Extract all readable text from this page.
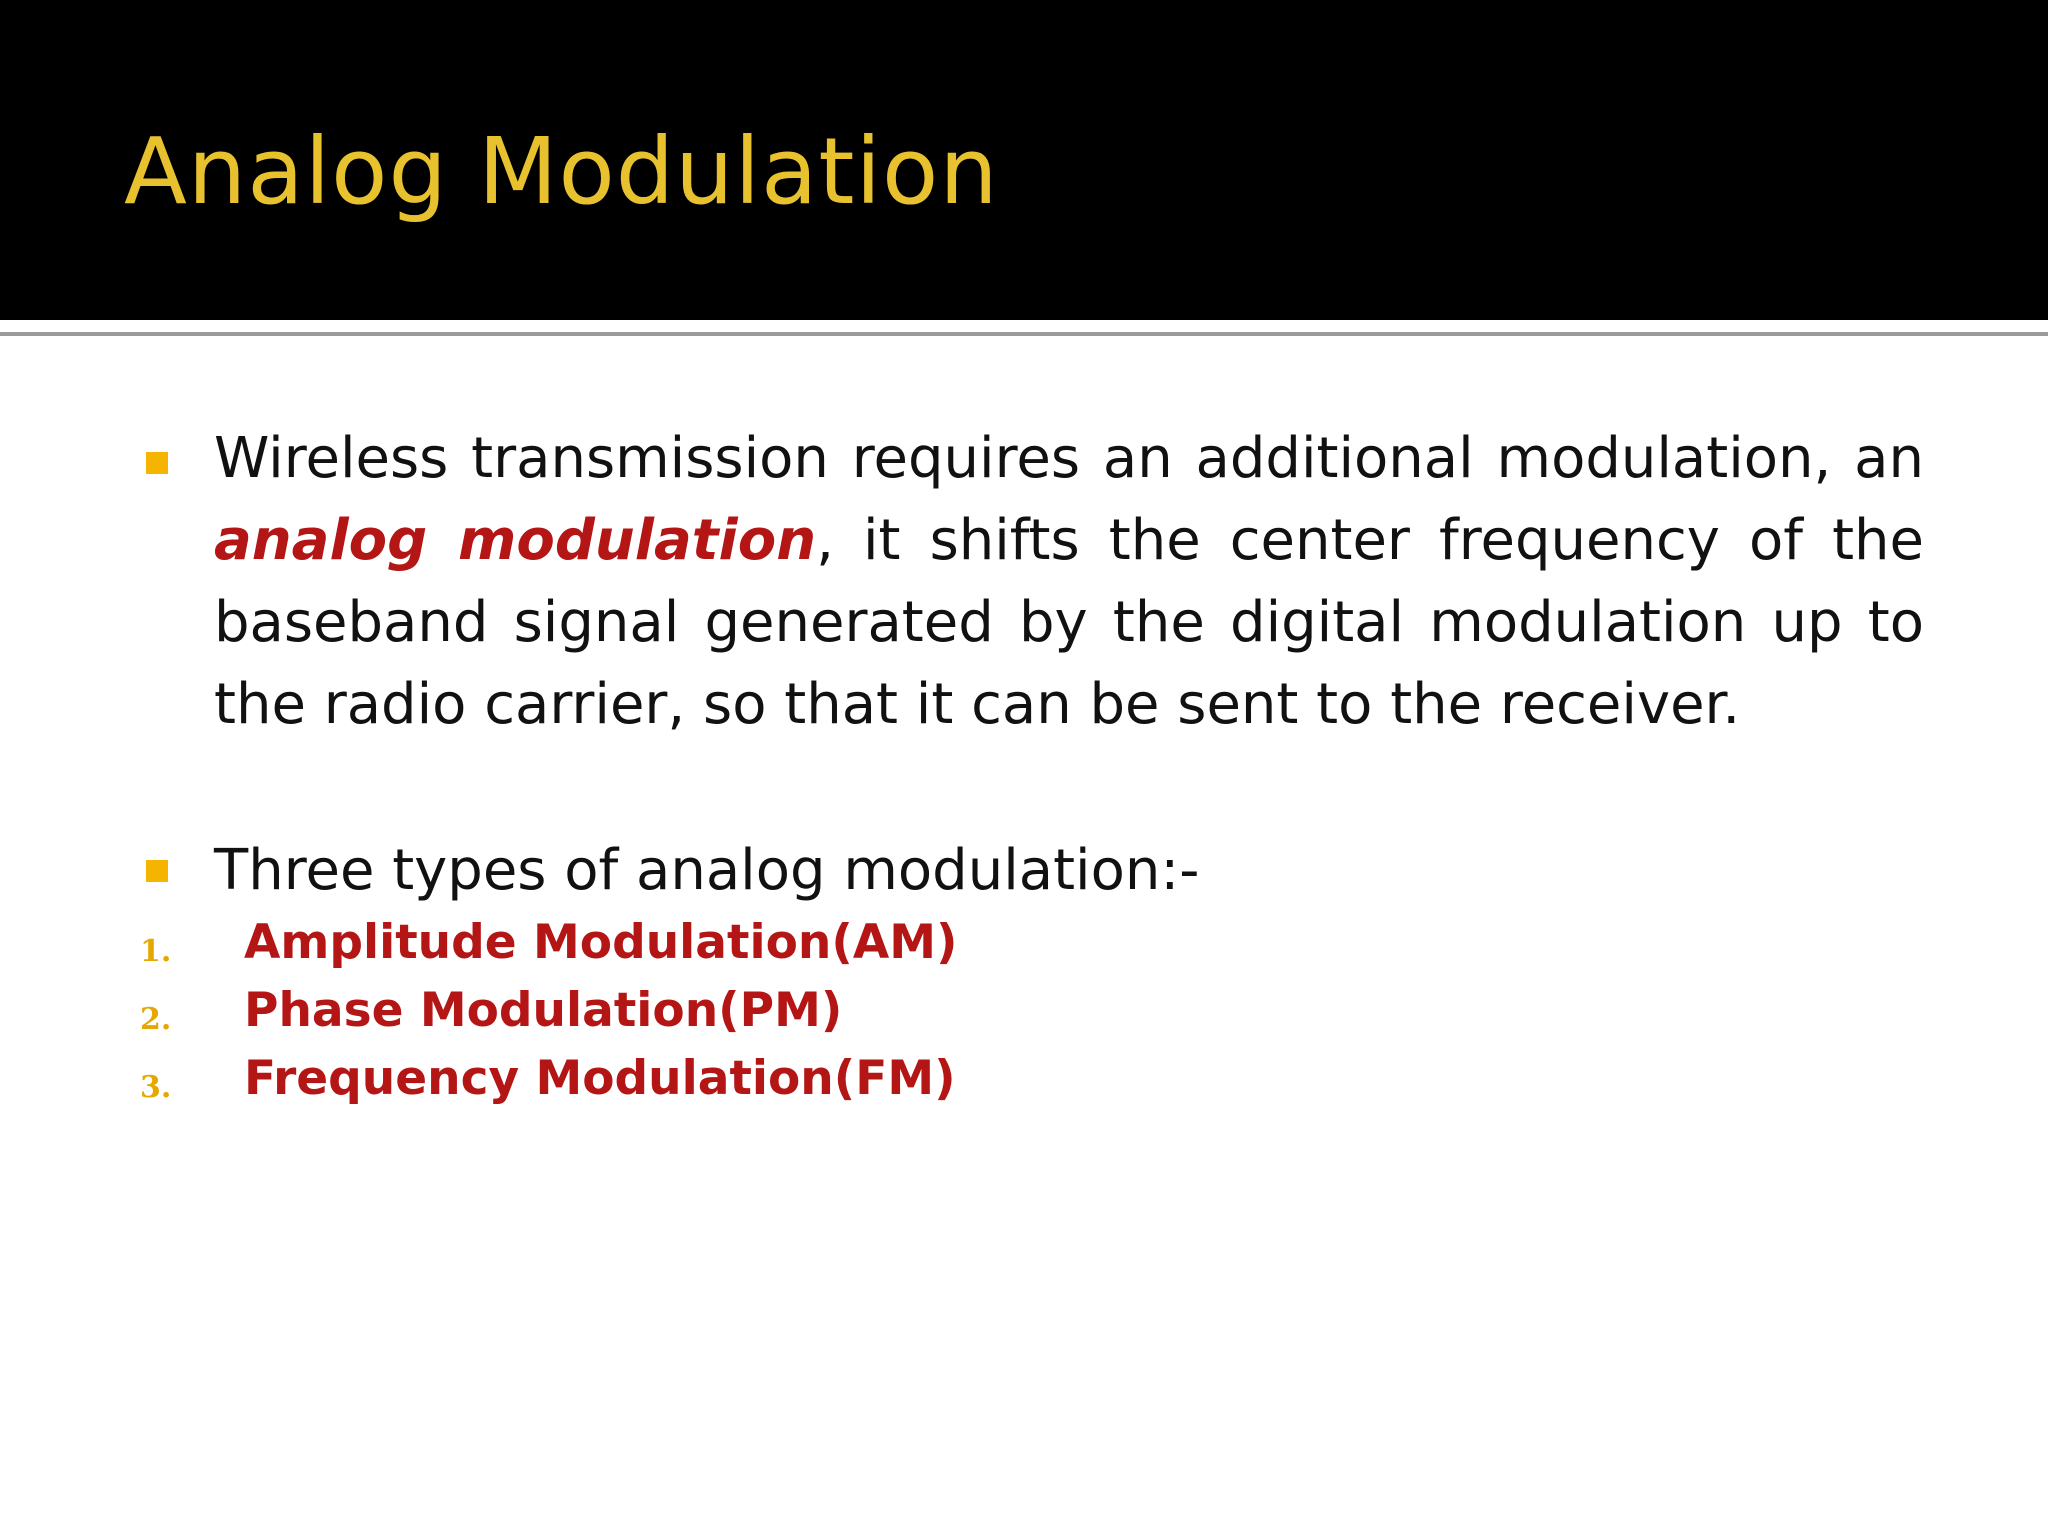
Analog Modulation
Wireless transmission requires an additional modulation, an analog modulation, it shifts the center frequency of the baseband signal generated by the digital modulation up to the radio carrier, so that it can be sent to the receiver.
Three types of analog modulation:-
1. Amplitude Modulation(AM)
2. Phase Modulation(PM)
3. Frequency Modulation(FM)
